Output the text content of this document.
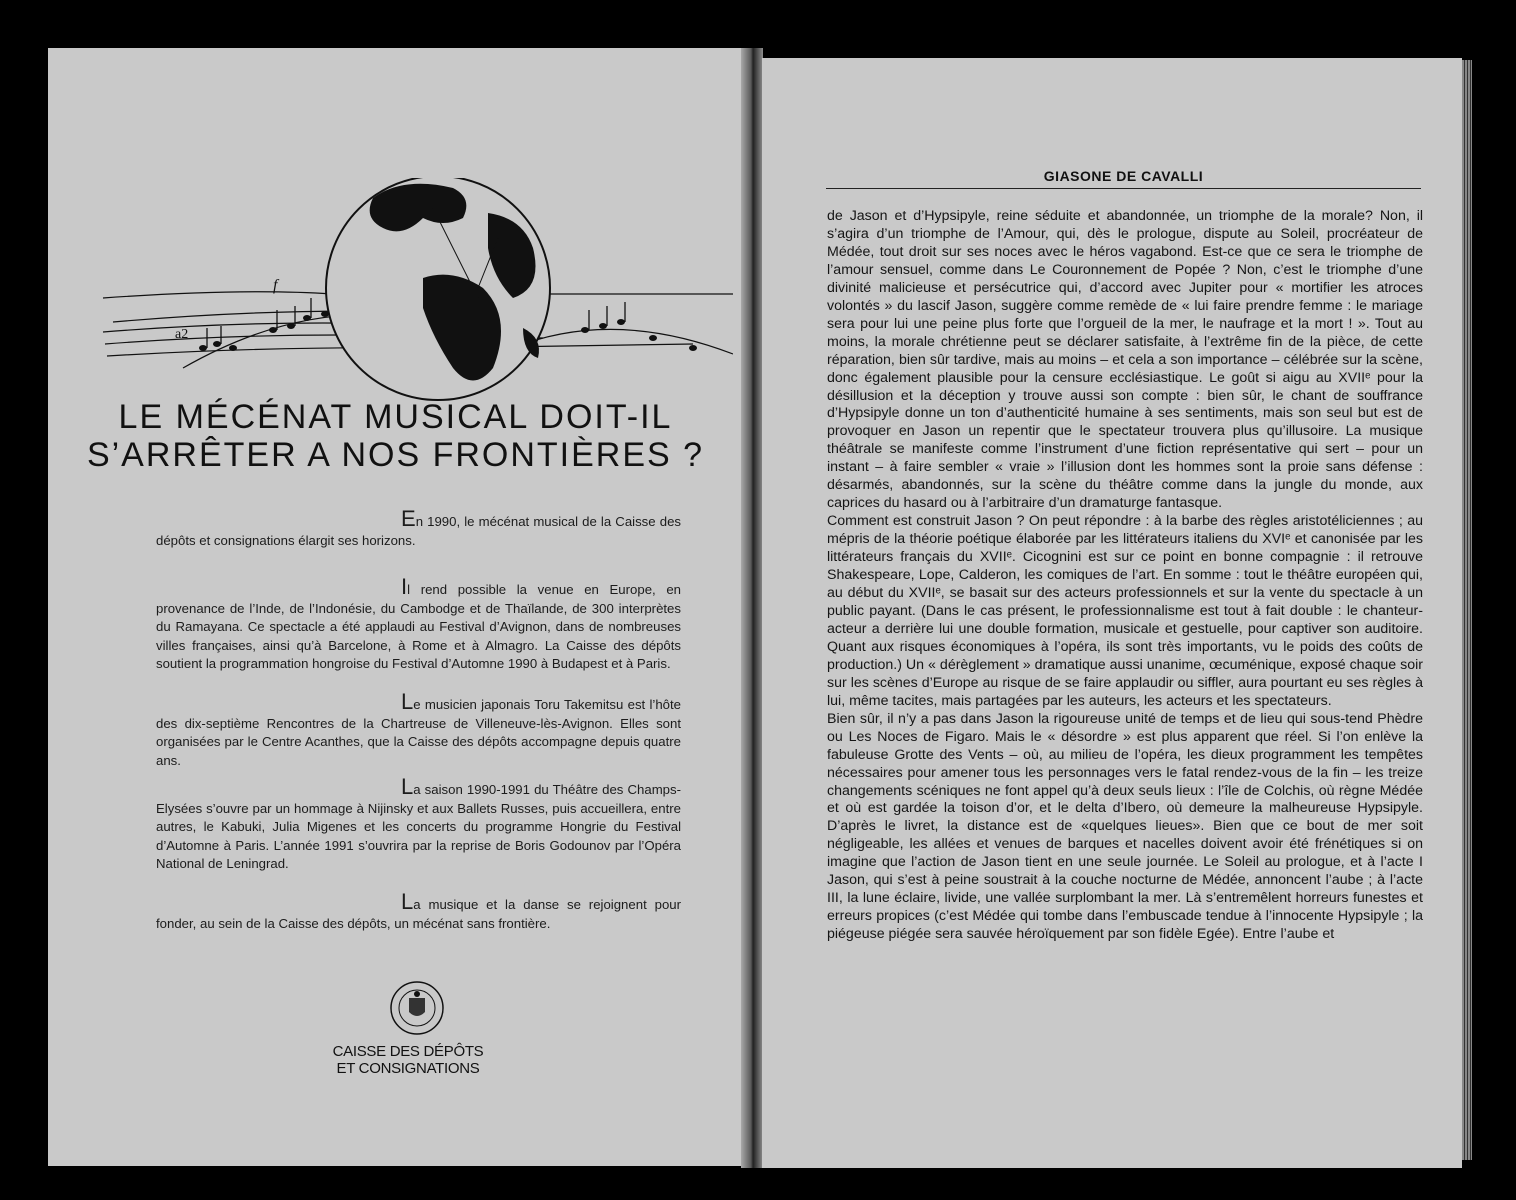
f
a2
LE MÉCÉNAT MUSICAL DOIT-IL
S’ARRÊTER A NOS FRONTIÈRES ?
En 1990, le mécénat musical de la Caisse des dépôts et consignations élargit ses horizons.
Il rend possible la venue en Europe, en provenance de l’Inde, de l’Indonésie, du Cambodge et de Thaïlande, de 300 interprètes du Ramayana. Ce spectacle a été applaudi au Festival d’Avignon, dans de nombreuses villes françaises, ainsi qu’à Barcelone, à Rome et à Almagro. La Caisse des dépôts soutient la programmation hongroise du Festival d’Automne 1990 à Budapest et à Paris.
Le musicien japonais Toru Takemitsu est l’hôte des dix-septième Rencontres de la Chartreuse de Villeneuve-lès-Avignon. Elles sont organisées par le Centre Acanthes, que la Caisse des dépôts accompagne depuis quatre ans.
La saison 1990-1991 du Théâtre des Champs-Elysées s’ouvre par un hommage à Nijinsky et aux Ballets Russes, puis accueillera, entre autres, le Kabuki, Julia Migenes et les concerts du programme Hongrie du Festival d’Automne à Paris. L’année 1991 s’ouvrira par la reprise de Boris Godounov par l’Opéra National de Leningrad.
La musique et la danse se rejoignent pour fonder, au sein de la Caisse des dépôts, un mécénat sans frontière.
CAISSE DES DÉPÔTS
ET CONSIGNATIONS
GIASONE DE CAVALLI

de Jason et d’Hypsipyle, reine séduite et abandonnée, un triomphe de la morale? Non, il s’agira d’un triomphe de l’Amour, qui, dès le prologue, dispute au Soleil, procréateur de Médée, tout droit sur ses noces avec le héros vagabond. Est-ce que ce sera le triomphe de l’amour sensuel, comme dans Le Couronnement de Popée ? Non, c’est le triomphe d’une divinité malicieuse et persécutrice qui, d’accord avec Jupiter pour « mortifier les atroces volontés » du lascif Jason, suggère comme remède de « lui faire prendre femme : le mariage sera pour lui une peine plus forte que l’orgueil de la mer, le naufrage et la mort ! ». Tout au moins, la morale chrétienne peut se déclarer satisfaite, à l’extrême fin de la pièce, de cette réparation, bien sûr tardive, mais au moins – et cela a son importance – célébrée sur la scène, donc également plausible pour la censure ecclésiastique. Le goût si aigu au XVIIᵉ pour la désillusion et la déception y trouve aussi son compte : bien sûr, le chant de souffrance d’Hypsipyle donne un ton d’authenticité humaine à ses sentiments, mais son seul but est de provoquer en Jason un repentir que le spectateur trouvera plus qu’illusoire. La musique théâtrale se manifeste comme l’instrument d’une fiction représentative qui sert – pour un instant – à faire sembler « vraie » l’illusion dont les hommes sont la proie sans défense : désarmés, abandonnés, sur la scène du théâtre comme dans la jungle du monde, aux caprices du hasard ou à l’arbitraire d’un dramaturge fantasque.

Comment est construit Jason ? On peut répondre : à la barbe des règles aristotéliciennes ; au mépris de la théorie poétique élaborée par les littérateurs italiens du XVIᵉ et canonisée par les littérateurs français du XVIIᵉ. Cicognini est sur ce point en bonne compagnie : il retrouve Shakespeare, Lope, Calderon, les comiques de l’art. En somme : tout le théâtre européen qui, au début du XVIIᵉ, se basait sur des acteurs professionnels et sur la vente du spectacle à un public payant. (Dans le cas présent, le professionnalisme est tout à fait double : le chanteur-acteur a derrière lui une double formation, musicale et gestuelle, pour captiver son auditoire. Quant aux risques économiques à l’opéra, ils sont très importants, vu le poids des coûts de production.) Un « dérèglement » dramatique aussi unanime, œcuménique, exposé chaque soir sur les scènes d’Europe au risque de se faire applaudir ou siffler, aura pourtant eu ses règles à lui, même tacites, mais partagées par les auteurs, les acteurs et les spectateurs.

Bien sûr, il n’y a pas dans Jason la rigoureuse unité de temps et de lieu qui sous-tend Phèdre ou Les Noces de Figaro. Mais le « désordre » est plus apparent que réel. Si l’on enlève la fabuleuse Grotte des Vents – où, au milieu de l’opéra, les dieux programment les tempêtes nécessaires pour amener tous les personnages vers le fatal rendez-vous de la fin – les treize changements scéniques ne font appel qu’à deux seuls lieux : l’île de Colchis, où règne Médée et où est gardée la toison d’or, et le delta d’Ibero, où demeure la malheureuse Hypsipyle. D’après le livret, la distance est de «quelques lieues». Bien que ce bout de mer soit négligeable, les allées et venues de barques et nacelles doivent avoir été frénétiques si on imagine que l’action de Jason tient en une seule journée. Le Soleil au prologue, et à l’acte I Jason, qui s’est à peine soustrait à la couche nocturne de Médée, annoncent l’aube ; à l’acte III, la lune éclaire, livide, une vallée surplombant la mer. Là s’entremêlent horreurs funestes et erreurs propices (c’est Médée qui tombe dans l’embuscade tendue à l’innocente Hypsipyle ; la piégeuse piégée sera sauvée héroïquement par son fidèle Egée). Entre l’aube et
